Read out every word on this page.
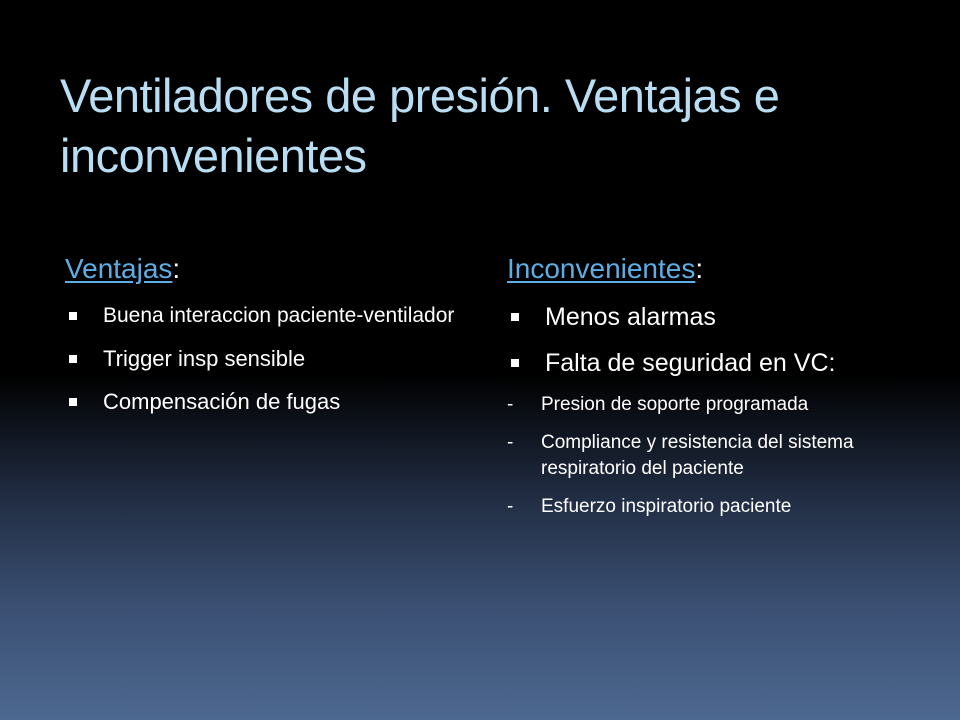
Ventiladores de presión. Ventajas e inconvenientes
Ventajas:
Buena interaccion paciente-ventilador
Trigger insp sensible
Compensación de fugas
Inconvenientes:
Menos alarmas
Falta de seguridad en VC:
- Presion de soporte programada
- Compliance y resistencia del sistema respiratorio del paciente
- Esfuerzo inspiratorio paciente
